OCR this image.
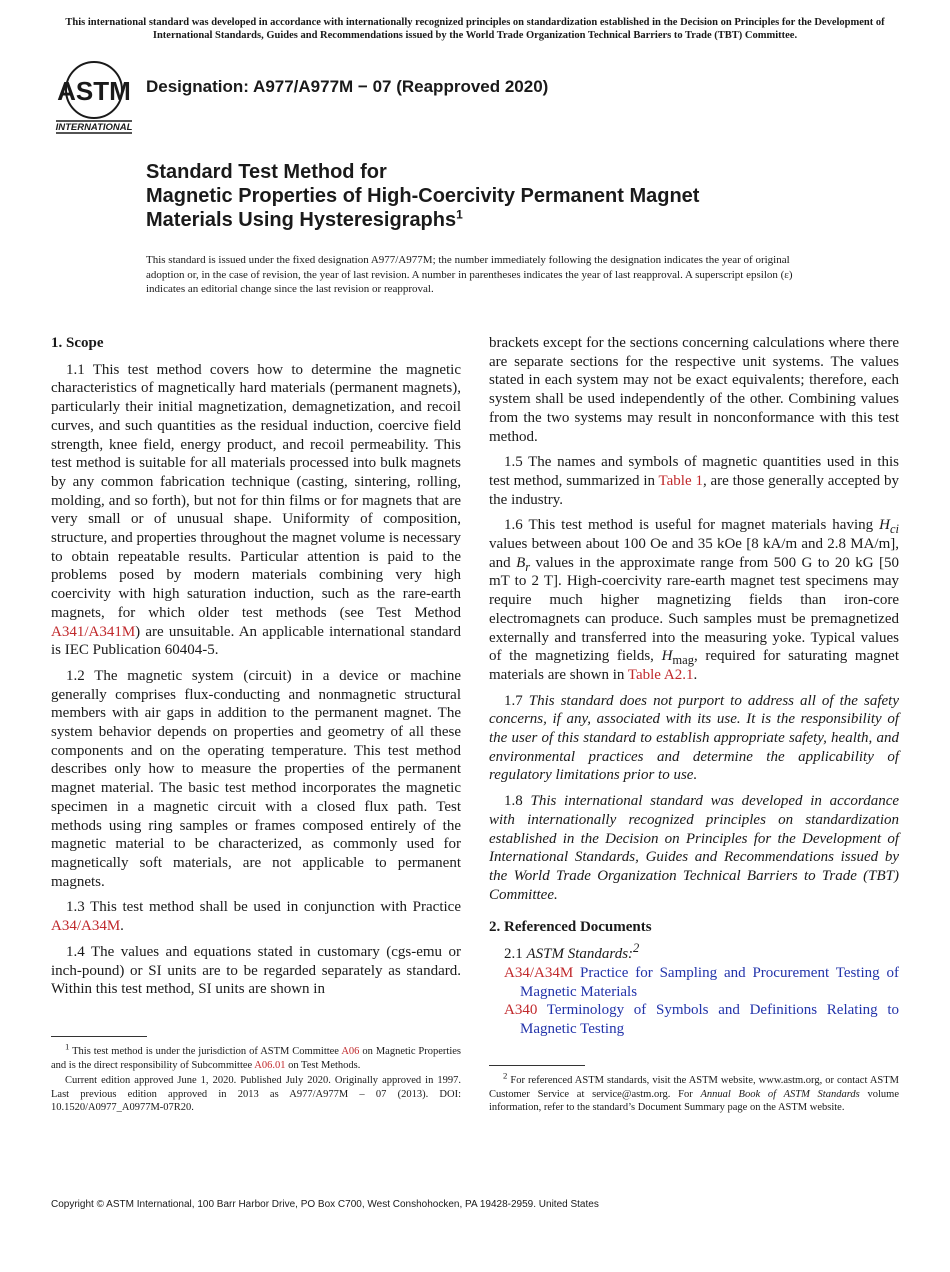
This international standard was developed in accordance with internationally recognized principles on standardization established in the Decision on Principles for the Development of International Standards, Guides and Recommendations issued by the World Trade Organization Technical Barriers to Trade (TBT) Committee.
ASTM
INTERNATIONAL
Designation: A977/A977M − 07 (Reapproved 2020)
Standard Test Method for
Magnetic Properties of High-Coercivity Permanent Magnet
Materials Using Hysteresigraphs$^1$
This standard is issued under the fixed designation A977/A977M; the number immediately following the designation indicates the year of original adoption or, in the case of revision, the year of last revision. A number in parentheses indicates the year of last reapproval. A superscript epsilon (ε) indicates an editorial change since the last revision or reapproval.
1. Scope

1.1 This test method covers how to determine the magnetic characteristics of magnetically hard materials (permanent magnets), particularly their initial magnetization, demagnetization, and recoil curves, and such quantities as the residual induction, coercive field strength, knee field, energy product, and recoil permeability. This test method is suitable for all materials processed into bulk magnets by any common fabrication technique (casting, sintering, rolling, molding, and so forth), but not for thin films or for magnets that are very small or of unusual shape. Uniformity of composition, structure, and properties throughout the magnet volume is necessary to obtain repeatable results. Particular attention is paid to the problems posed by modern materials combining very high coercivity with high saturation induction, such as the rare-earth magnets, for which older test methods (see Test Method A341/A341M) are unsuitable. An applicable international standard is IEC Publication 60404-5.

1.2 The magnetic system (circuit) in a device or machine generally comprises flux-conducting and nonmagnetic structural members with air gaps in addition to the permanent magnet. The system behavior depends on properties and geometry of all these components and on the operating temperature. This test method describes only how to measure the properties of the permanent magnet material. The basic test method incorporates the magnetic specimen in a magnetic circuit with a closed flux path. Test methods using ring samples or frames composed entirely of the magnetic material to be characterized, as commonly used for magnetically soft materials, are not applicable to permanent magnets.

1.3 This test method shall be used in conjunction with Practice A34/A34M.

1.4 The values and equations stated in customary (cgs-emu or inch-pound) or SI units are to be regarded separately as standard. Within this test method, SI units are shown in

$^1$ This test method is under the jurisdiction of ASTM Committee A06 on Magnetic Properties and is the direct responsibility of Subcommittee A06.01 on Test Methods.

Current edition approved June 1, 2020. Published July 2020. Originally approved in 1997. Last previous edition approved in 2013 as A977/A977M – 07 (2013). DOI: 10.1520/A0977_A0977M-07R20.

brackets except for the sections concerning calculations where there are separate sections for the respective unit systems. The values stated in each system may not be exact equivalents; therefore, each system shall be used independently of the other. Combining values from the two systems may result in nonconformance with this test method.

1.5 The names and symbols of magnetic quantities used in this test method, summarized in Table 1, are those generally accepted by the industry.

1.6 This test method is useful for magnet materials having $H_{ci}$ values between about 100 Oe and 35 kOe [8 kA/m and 2.8 MA/m], and $B_r$ values in the approximate range from 500 G to 20 kG [50 mT to 2 T]. High-coercivity rare-earth magnet test specimens may require much higher magnetizing fields than iron-core electromagnets can produce. Such samples must be premagnetized externally and transferred into the measuring yoke. Typical values of the magnetizing fields, $H_{mag}$, required for saturating magnet materials are shown in Table A2.1.

1.7 This standard does not purport to address all of the safety concerns, if any, associated with its use. It is the responsibility of the user of this standard to establish appropriate safety, health, and environmental practices and determine the applicability of regulatory limitations prior to use.

1.8 This international standard was developed in accordance with internationally recognized principles on standardization established in the Decision on Principles for the Development of International Standards, Guides and Recommendations issued by the World Trade Organization Technical Barriers to Trade (TBT) Committee.

2. Referenced Documents

2.1 ASTM Standards:$^2$

A34/A34M Practice for Sampling and Procurement Testing of Magnetic Materials
A340 Terminology of Symbols and Definitions Relating to Magnetic Testing

$^2$ For referenced ASTM standards, visit the ASTM website, www.astm.org, or contact ASTM Customer Service at service@astm.org. For Annual Book of ASTM Standards volume information, refer to the standard’s Document Summary page on the ASTM website.

Copyright © ASTM International, 100 Barr Harbor Drive, PO Box C700, West Conshohocken, PA 19428-2959. United States
